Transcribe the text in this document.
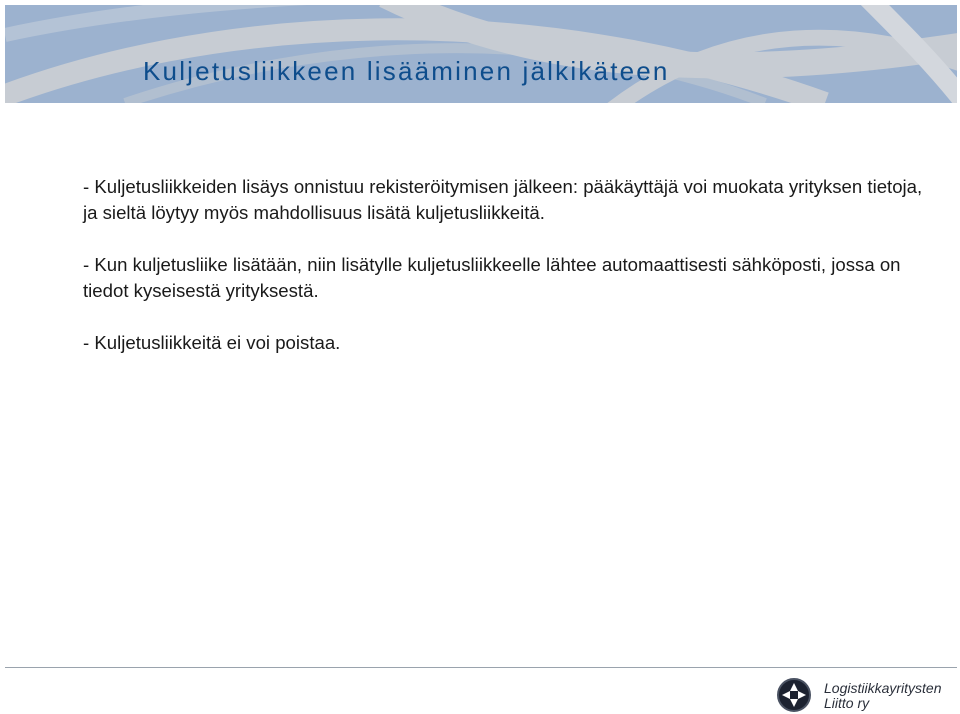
Kuljetusliikkeen lisääminen jälkikäteen

- Kuljetusliikkeiden lisäys onnistuu rekisteröitymisen jälkeen: pääkäyttäjä voi muokata yrityksen tietoja, ja sieltä löytyy myös mahdollisuus lisätä kuljetusliikkeitä.

- Kun kuljetusliike lisätään, niin lisätylle kuljetusliikkeelle lähtee automaattisesti sähköposti, jossa on tiedot kyseisestä yrityksestä.

- Kuljetusliikkeitä ei voi poistaa.

Logistiikkayritysten
Liitto ry
